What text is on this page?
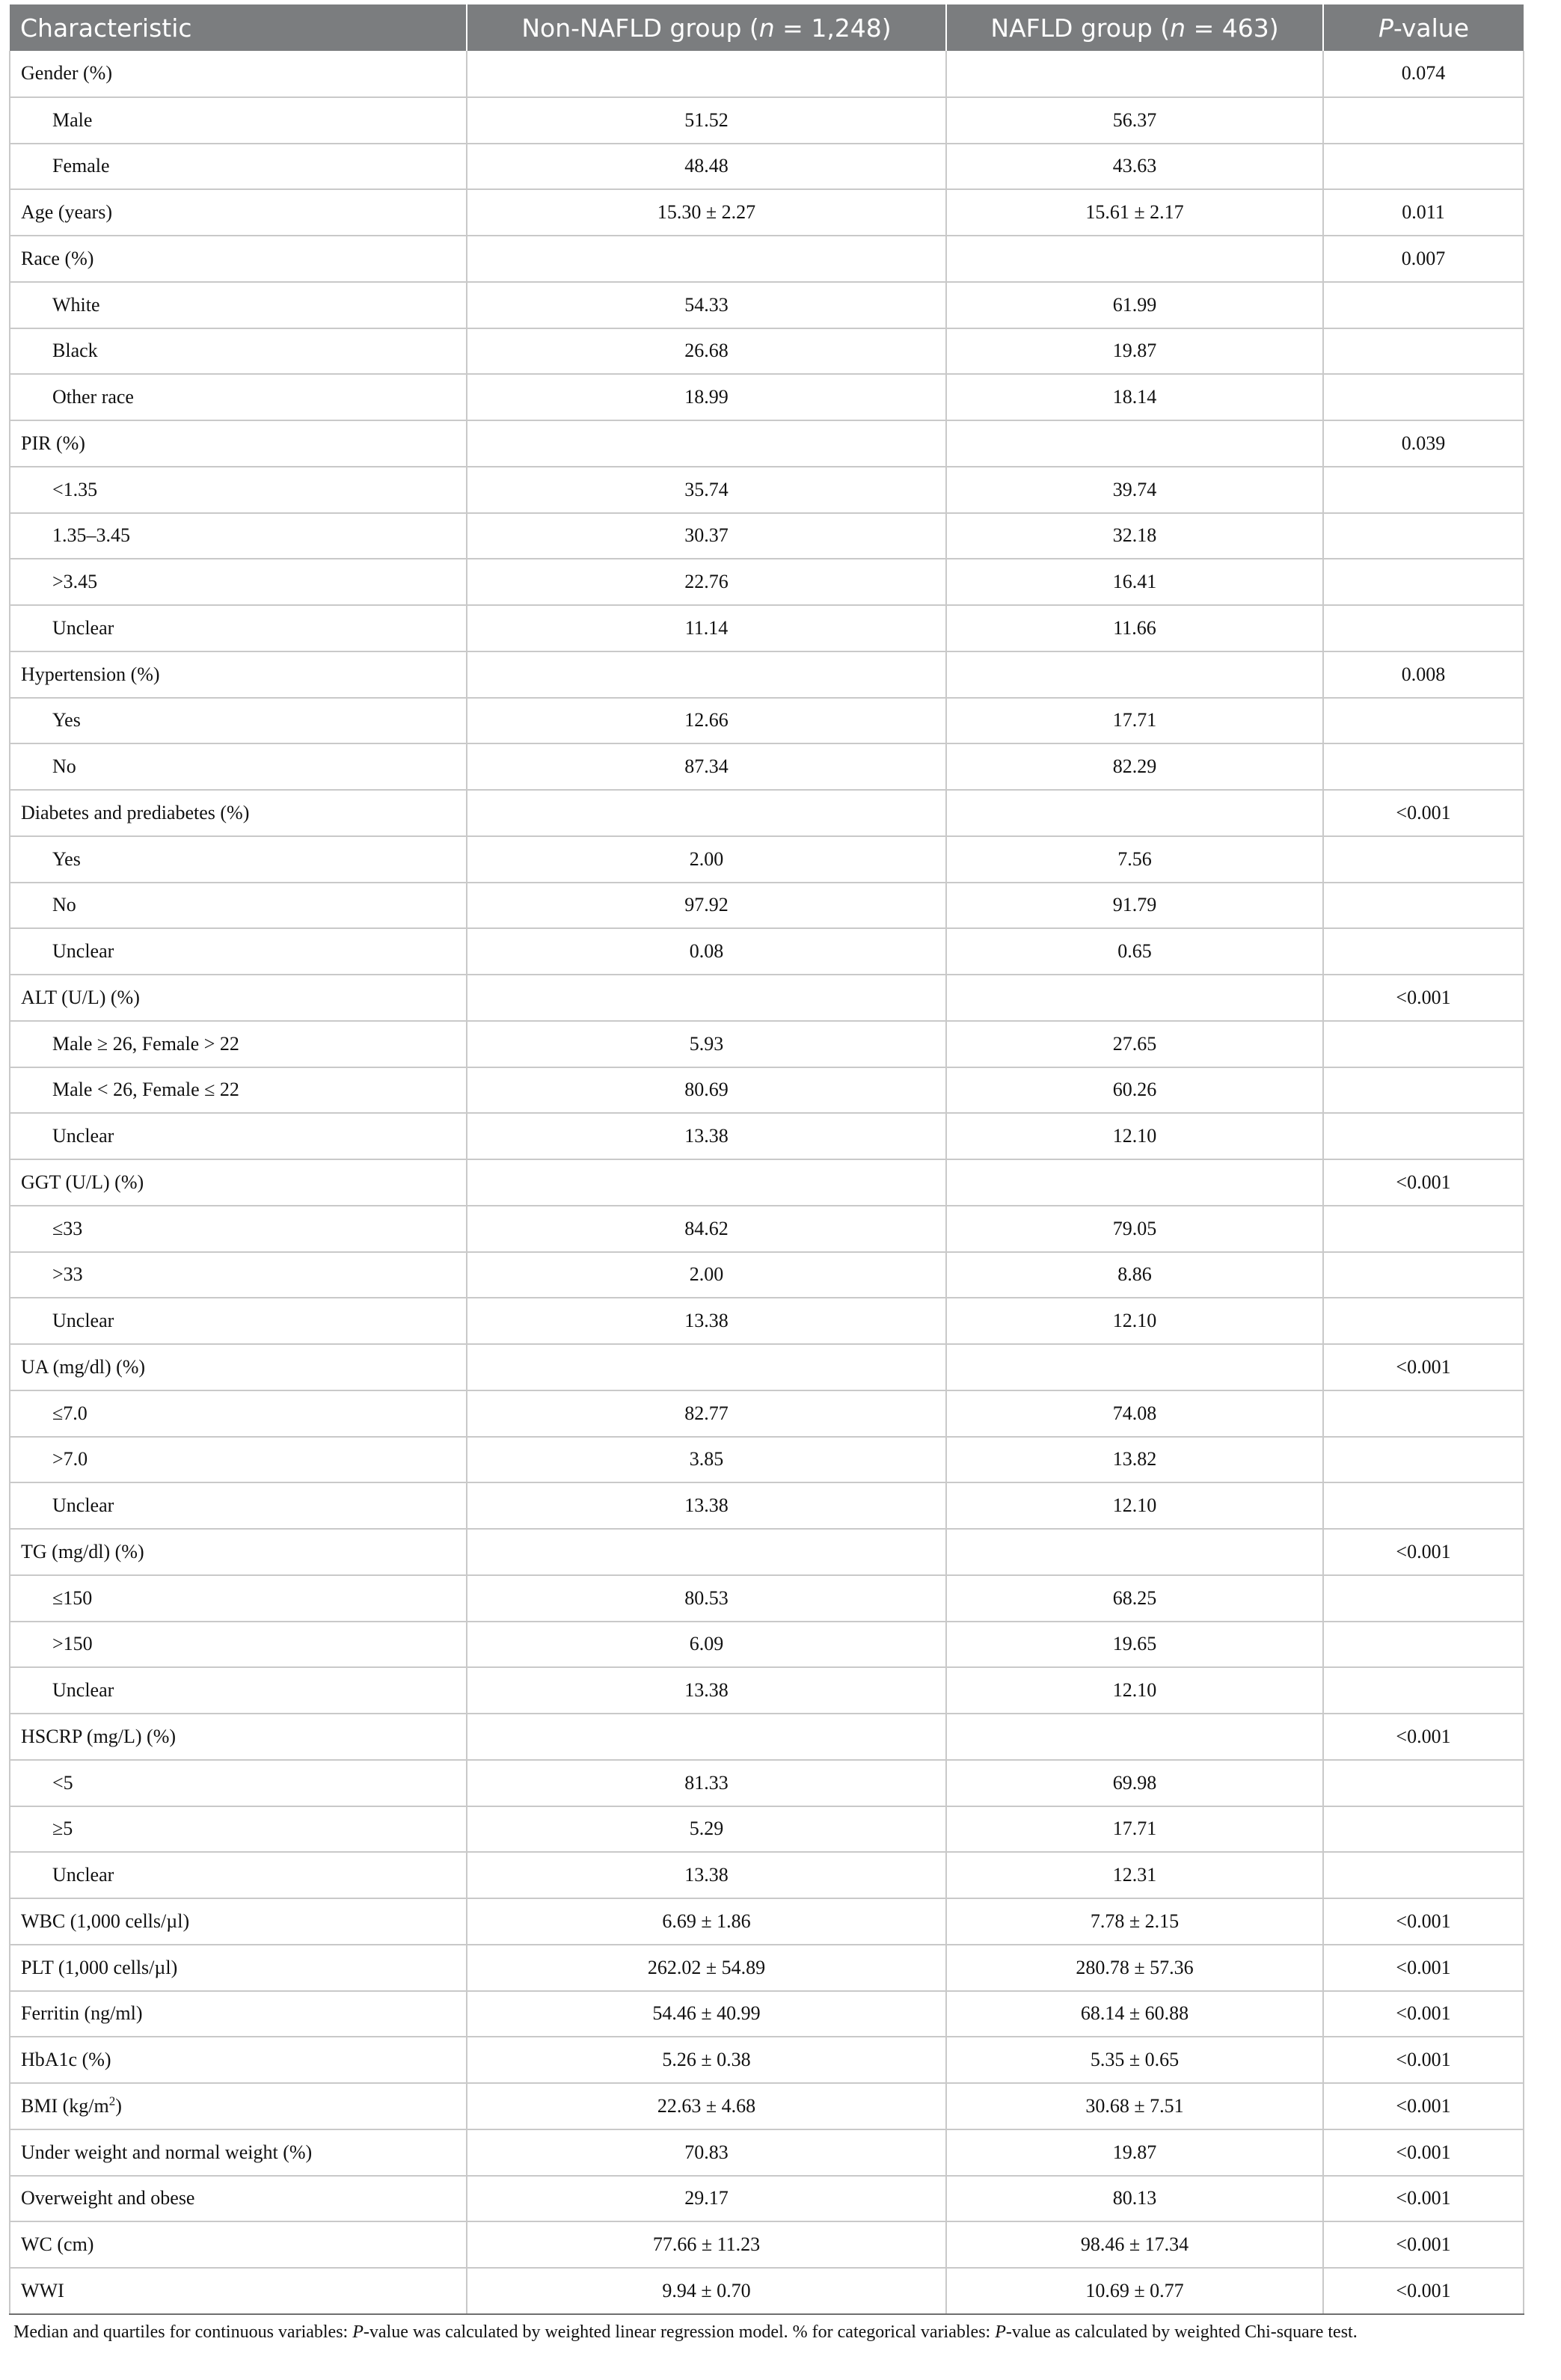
Characteristic	Non-NAFLD group (n = 1,248)	NAFLD group (n = 463)	P-value
Gender (%)			0.074
Male	51.52	56.37	
Female	48.48	43.63	
Age (years)	15.30 ± 2.27	15.61 ± 2.17	0.011
Race (%)			0.007
White	54.33	61.99	
Black	26.68	19.87	
Other race	18.99	18.14	
PIR (%)			0.039
<1.35	35.74	39.74	
1.35–3.45	30.37	32.18	
>3.45	22.76	16.41	
Unclear	11.14	11.66	
Hypertension (%)			0.008
Yes	12.66	17.71	
No	87.34	82.29	
Diabetes and prediabetes (%)			<0.001
Yes	2.00	7.56	
No	97.92	91.79	
Unclear	0.08	0.65	
ALT (U/L) (%)			<0.001
Male ≥ 26, Female > 22	5.93	27.65	
Male < 26, Female ≤ 22	80.69	60.26	
Unclear	13.38	12.10	
GGT (U/L) (%)			<0.001
≤33	84.62	79.05	
>33	2.00	8.86	
Unclear	13.38	12.10	
UA (mg/dl) (%)			<0.001
≤7.0	82.77	74.08	
>7.0	3.85	13.82	
Unclear	13.38	12.10	
TG (mg/dl) (%)			<0.001
≤150	80.53	68.25	
>150	6.09	19.65	
Unclear	13.38	12.10	
HSCRP (mg/L) (%)			<0.001
<5	81.33	69.98	
≥5	5.29	17.71	
Unclear	13.38	12.31	
WBC (1,000 cells/µl)	6.69 ± 1.86	7.78 ± 2.15	<0.001
PLT (1,000 cells/µl)	262.02 ± 54.89	280.78 ± 57.36	<0.001
Ferritin (ng/ml)	54.46 ± 40.99	68.14 ± 60.88	<0.001
HbA1c (%)	5.26 ± 0.38	5.35 ± 0.65	<0.001
BMI $(kg/m^2)$	22.63 ± 4.68	30.68 ± 7.51	<0.001
Under weight and normal weight (%)	70.83	19.87	<0.001
Overweight and obese	29.17	80.13	<0.001
WC (cm)	77.66 ± 11.23	98.46 ± 17.34	<0.001
WWI	9.94 ± 0.70	10.69 ± 0.77	<0.001
Median and quartiles for continuous variables: P-value was calculated by weighted linear regression model. % for categorical variables: P-value as calculated by weighted Chi-square test.
